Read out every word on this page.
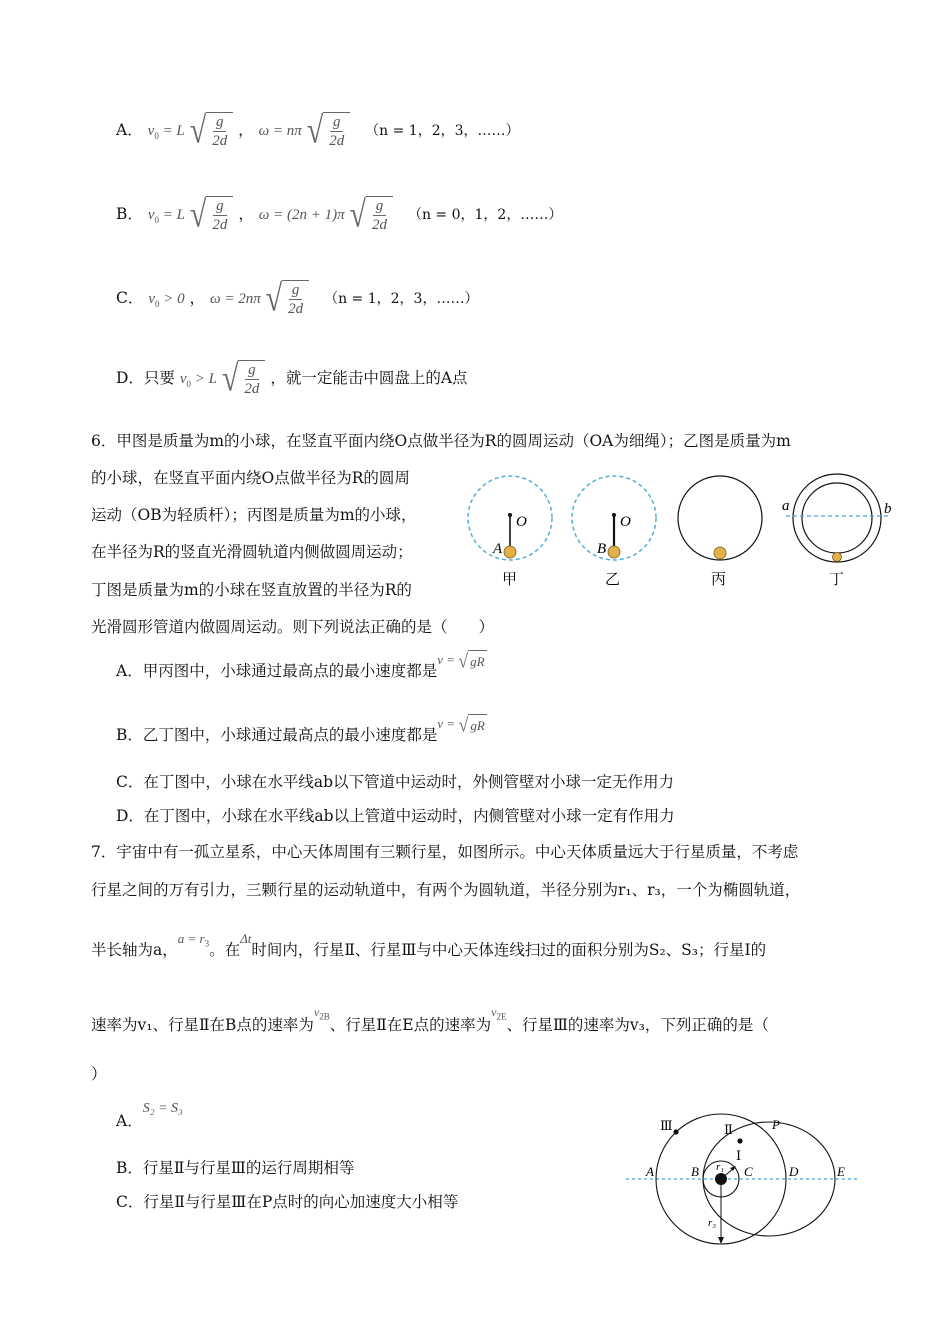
A． $v_0 = L$ √ $\frac{g}{2d}$ ， ω = nπ √ $\frac{g}{2d} (n = 1$，2，3，……）
B． $v_0 = L$ √ $\frac{g}{2d}$ ， ω = (2n + 1)π √ $\frac{g}{2d} (n = 0$，1，2，……）
C． $v_0 > 0$ ， ω = 2nπ √ $\frac{g}{2d} (n = 1$，2，3，……）
D．只要 $v_0 > L$ √ $\frac{g}{2d}$ ，就一定能击中圆盘上的A点
6．甲图是质量为m的小球，在竖直平面内绕O点做半径为R的圆周运动（OA为细绳）；乙图是质量为m
的小球，在竖直平面内绕O点做半径为R的圆周
运动（OB为轻质杆）；丙图是质量为m的小球，
在半径为R的竖直光滑圆轨道内侧做圆周运动；
丁图是质量为m的小球在竖直放置的半径为R的
光滑圆形管道内做圆周运动。则下列说法正确的是（　　）
O
A
甲
O
B
乙	丙
a	b
丁
A．甲丙图中，小球通过最高点的最小速度都是$^{v = √ gR}$
B．乙丁图中，小球通过最高点的最小速度都是$^{v = √ gR}$
C．在丁图中，小球在水平线ab以下管道中运动时，外侧管壁对小球一定无作用力
D．在丁图中，小球在水平线ab以上管道中运动时，内侧管壁对小球一定有作用力
7．宇宙中有一孤立星系，中心天体周围有三颗行星，如图所示。中心天体质量远大于行星质量，不考虑
行星之间的万有引力，三颗行星的运动轨道中，有两个为圆轨道，半径分别为r₁、r₃，一个为椭圆轨道，
半长轴为a，$^{a = r_3}$。在$^{\Delta t}$时间内，行星Ⅱ、行星Ⅲ与中心天体连线扫过的面积分别为S₂、S₃；行星Ⅰ的
速率为v₁、行星Ⅱ在B点的速率为$^{v_{2B}}$、行星Ⅱ在E点的速率为$^{v_{2E}}$、行星Ⅲ的速率为v₃，下列正确的是（
）
A．S₂ = S₃
B．行星Ⅱ与行星Ⅲ的运行周期相等
C．行星Ⅱ与行星Ⅲ在P点时的向心加速度大小相等
Ⅲ	Ⅱ
Ⅰ
P
A	B	C	D	E
r₁
r₃
